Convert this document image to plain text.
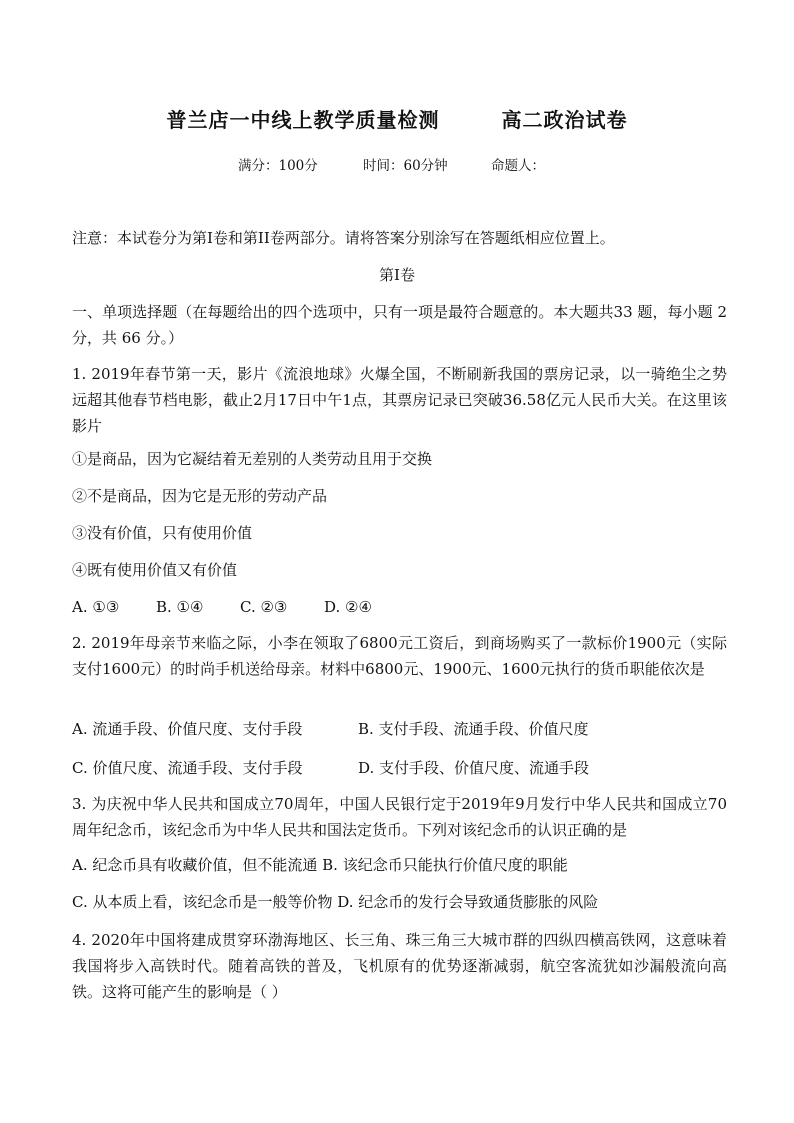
普兰店一中线上教学质量检测	高二政治试卷
满分：100分	时间：60分钟	命题人：
注意：本试卷分为第Ⅰ卷和第II卷两部分。请将答案分别涂写在答题纸相应位置上。
第Ⅰ卷
一、单项选择题（在每题给出的四个选项中，只有一项是最符合题意的。本大题共33 题，每小题 2分，共 66 分。）
1. 2019年春节第一天，影片《流浪地球》火爆全国，不断刷新我国的票房记录，以一骑绝尘之势远超其他春节档电影，截止2月17日中午1点，其票房记录已突破36.58亿元人民币大关。在这里该影片
①是商品，因为它凝结着无差别的人类劳动且用于交换
②不是商品，因为它是无形的劳动产品
③没有价值，只有使用价值
④既有使用价值又有价值
A. ①③ B. ①④ C. ②③ D. ②④
2. 2019年母亲节来临之际，小李在领取了6800元工资后，到商场购买了一款标价1900元（实际支付1600元）的时尚手机送给母亲。材料中6800元、1900元、1600元执行的货币职能依次是
A. 流通手段、价值尺度、支付手段	B. 支付手段、流通手段、价值尺度
C. 价值尺度、流通手段、支付手段	D. 支付手段、价值尺度、流通手段
3. 为庆祝中华人民共和国成立70周年，中国人民银行定于2019年9月发行中华人民共和国成立70周年纪念币，该纪念币为中华人民共和国法定货币。下列对该纪念币的认识正确的是
A. 纪念币具有收藏价值，但不能流通 B. 该纪念币只能执行价值尺度的职能
C. 从本质上看，该纪念币是一般等价物 D. 纪念币的发行会导致通货膨胀的风险
4. 2020年中国将建成贯穿环渤海地区、长三角、珠三角三大城市群的四纵四横高铁网，这意味着我国将步入高铁时代。随着高铁的普及，飞机原有的优势逐渐减弱，航空客流犹如沙漏般流向高铁。这将可能产生的影响是（ ）
